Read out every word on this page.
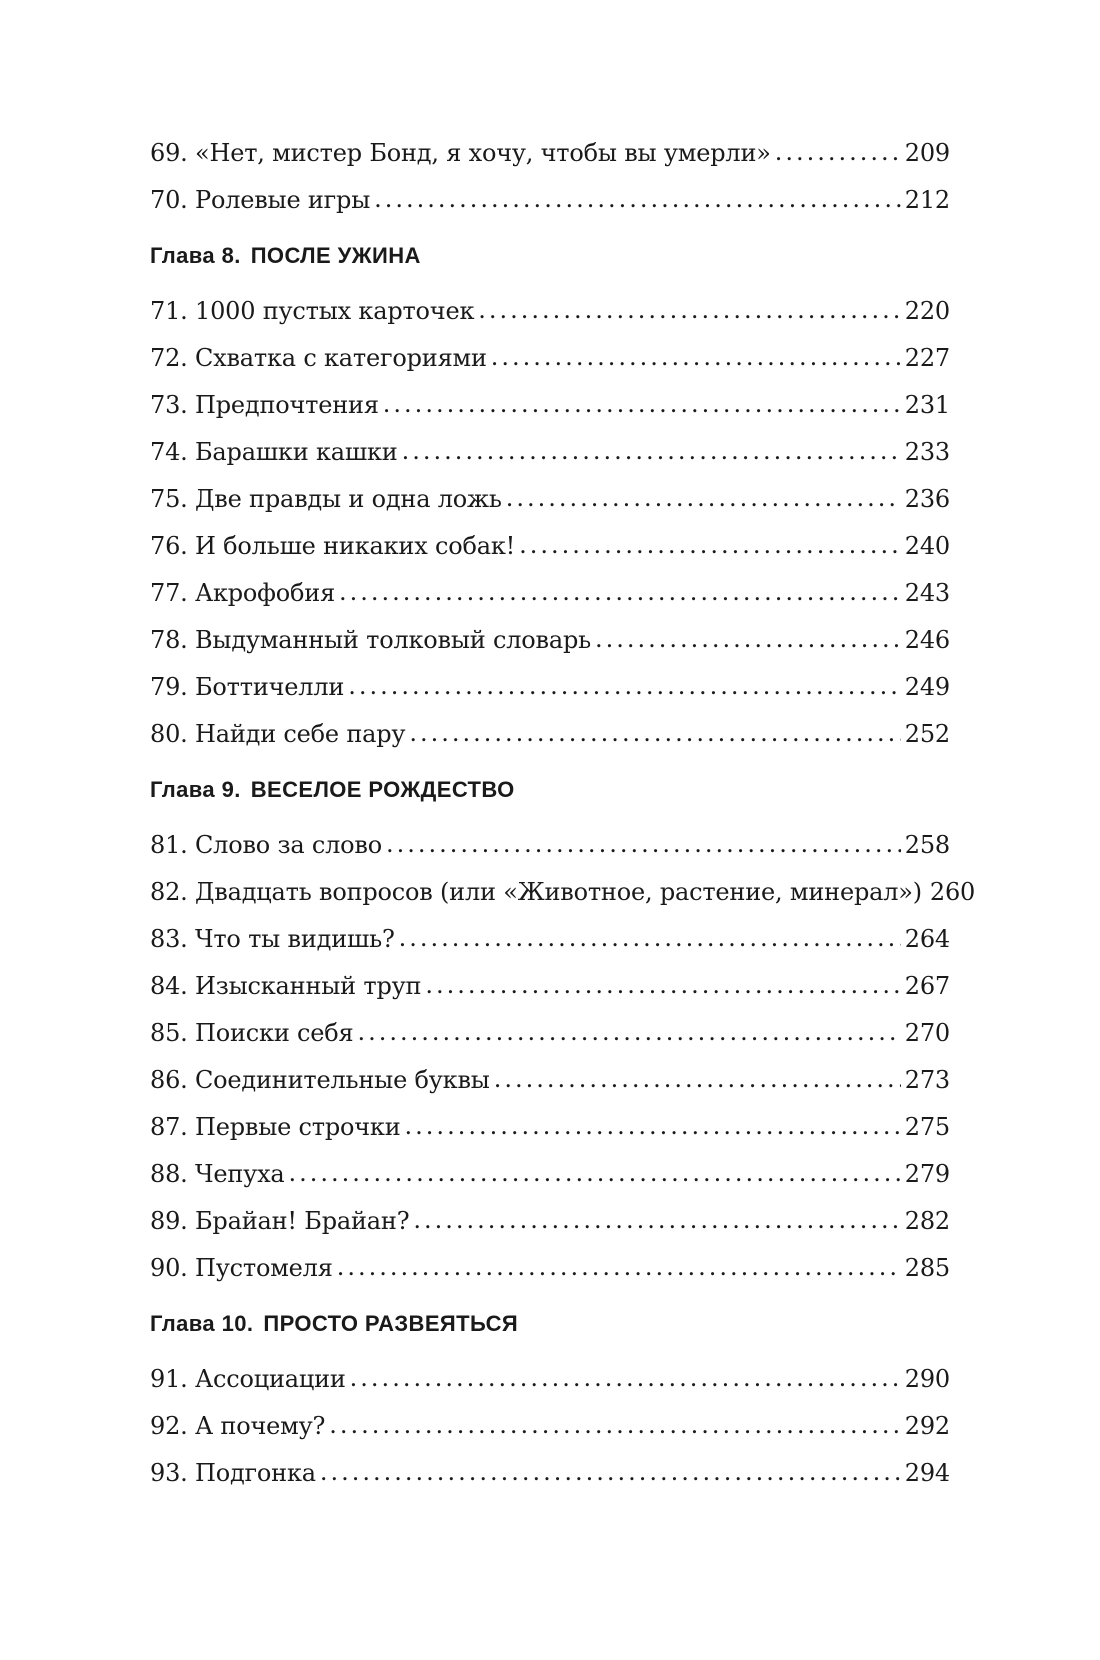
69. «Нет, мистер Бонд, я хочу, чтобы вы умерли» .....	209
70. Ролевые игры .....	212
Глава 8. ПОСЛЕ УЖИНА
71. 1000 пустых карточек .....	220
72. Схватка с категориями .....	227
73. Предпочтения .....	231
74. Барашки кашки .....	233
75. Две правды и одна ложь .....	236
76. И больше никаких собак! .....	240
77. Акрофобия .....	243
78. Выдуманный толковый словарь .....	246
79. Боттичелли .....	249
80. Найди себе пару .....	252
Глава 9. ВЕСЕЛОЕ РОЖДЕСТВО
81. Слово за слово .....	258
82. Двадцать вопросов (или «Животное, растение, минерал») 260
83. Что ты видишь? .....	264
84. Изысканный труп .....	267
85. Поиски себя .....	270
86. Соединительные буквы .....	273
87. Первые строчки .....	275
88. Чепуха .....	279
89. Брайан! Брайан? .....	282
90. Пустомеля .....	285
Глава 10. ПРОСТО РАЗВЕЯТЬСЯ
91. Ассоциации .....	290
92. А почему? .....	292
93. Подгонка .....	294
